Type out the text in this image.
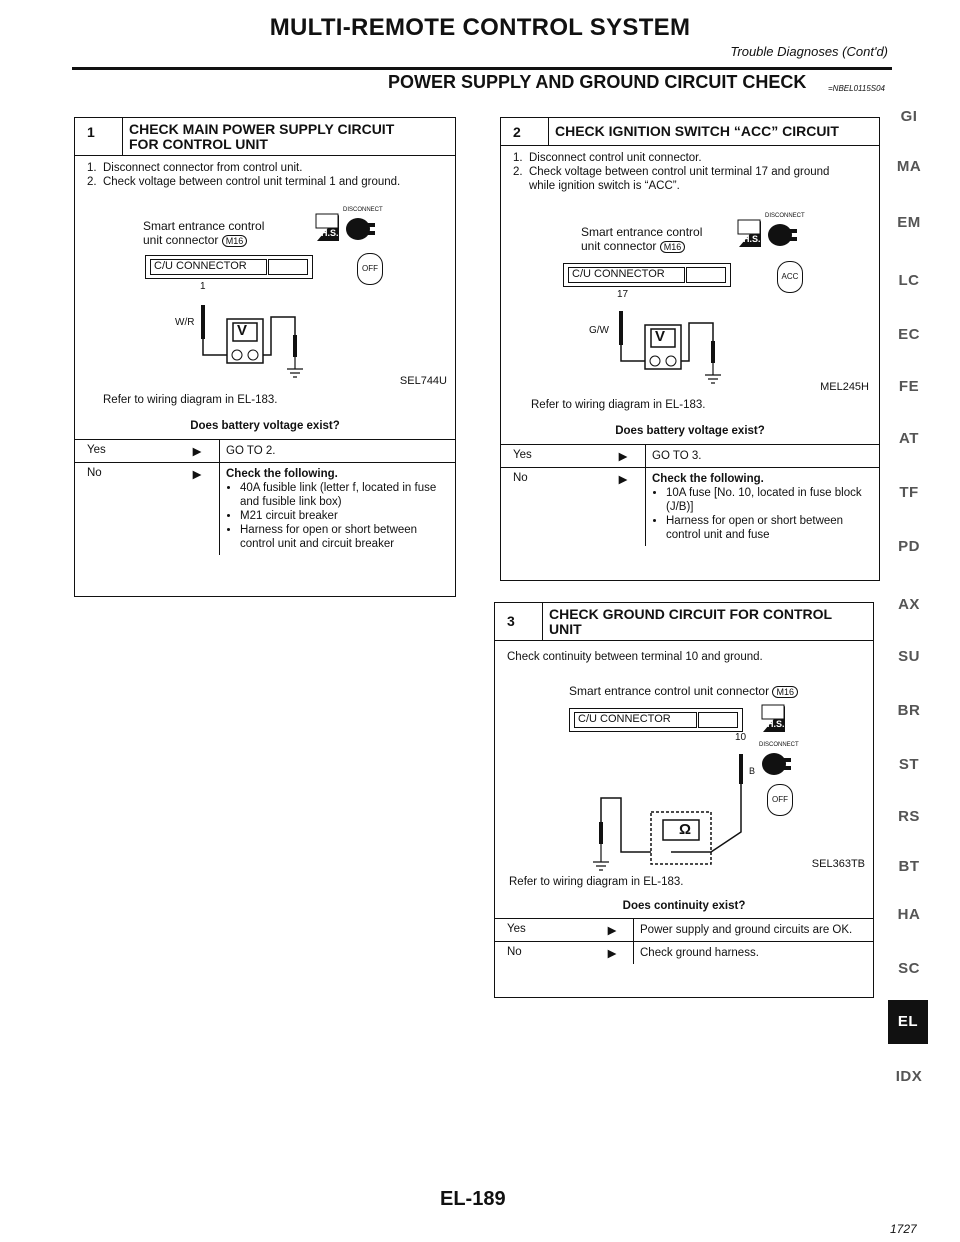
MULTI-REMOTE CONTROL SYSTEM
Trouble Diagnoses (Cont'd)
POWER SUPPLY AND GROUND CIRCUIT CHECK	=NBEL0115S04
1	CHECK MAIN POWER SUPPLY CIRCUIT
FOR CONTROL UNIT
1.  Disconnect connector from control unit.
2.  Check voltage between control unit terminal 1 and ground.
Smart entrance control
unit connector M16
H.S.
DISCONNECT
C/U CONNECTOR	OFF
1
W/R	V
SEL744U
Refer to wiring diagram in EL-183.
Does battery voltage exist?
Yes	▶	GO TO 2.
No	▶	Check the following.
• 40A fusible link (letter f, located in fuse and fusible link box)
• M21 circuit breaker
• Harness for open or short between control unit and circuit breaker
2	CHECK IGNITION SWITCH “ACC” CIRCUIT
1.  Disconnect control unit connector.
2.  Check voltage between control unit terminal 17 and ground
while ignition switch is “ACC”.
Smart entrance control
unit connector M16
H.S.
DISCONNECT
C/U CONNECTOR	ACC
17
G/W	V
MEL245H
Refer to wiring diagram in EL-183.
Does battery voltage exist?
Yes	▶	GO TO 3.
No	▶	Check the following.
• 10A fuse [No. 10, located in fuse block (J/B)]
• Harness for open or short between control unit and fuse
3	CHECK GROUND CIRCUIT FOR CONTROL
UNIT
Check continuity between terminal 10 and ground.
Smart entrance control unit connector M16
C/U CONNECTOR	H.S.
10
DISCONNECT
B
OFF
Ω
SEL363TB
Refer to wiring diagram in EL-183.
Does continuity exist?
Yes	▶	Power supply and ground circuits are OK.
No	▶	Check ground harness.
GI
MA
EM
LC
EC
FE
AT
TF
PD
AX
SU
BR
ST
RS
BT
HA
SC
EL
IDX
EL-189
1727
